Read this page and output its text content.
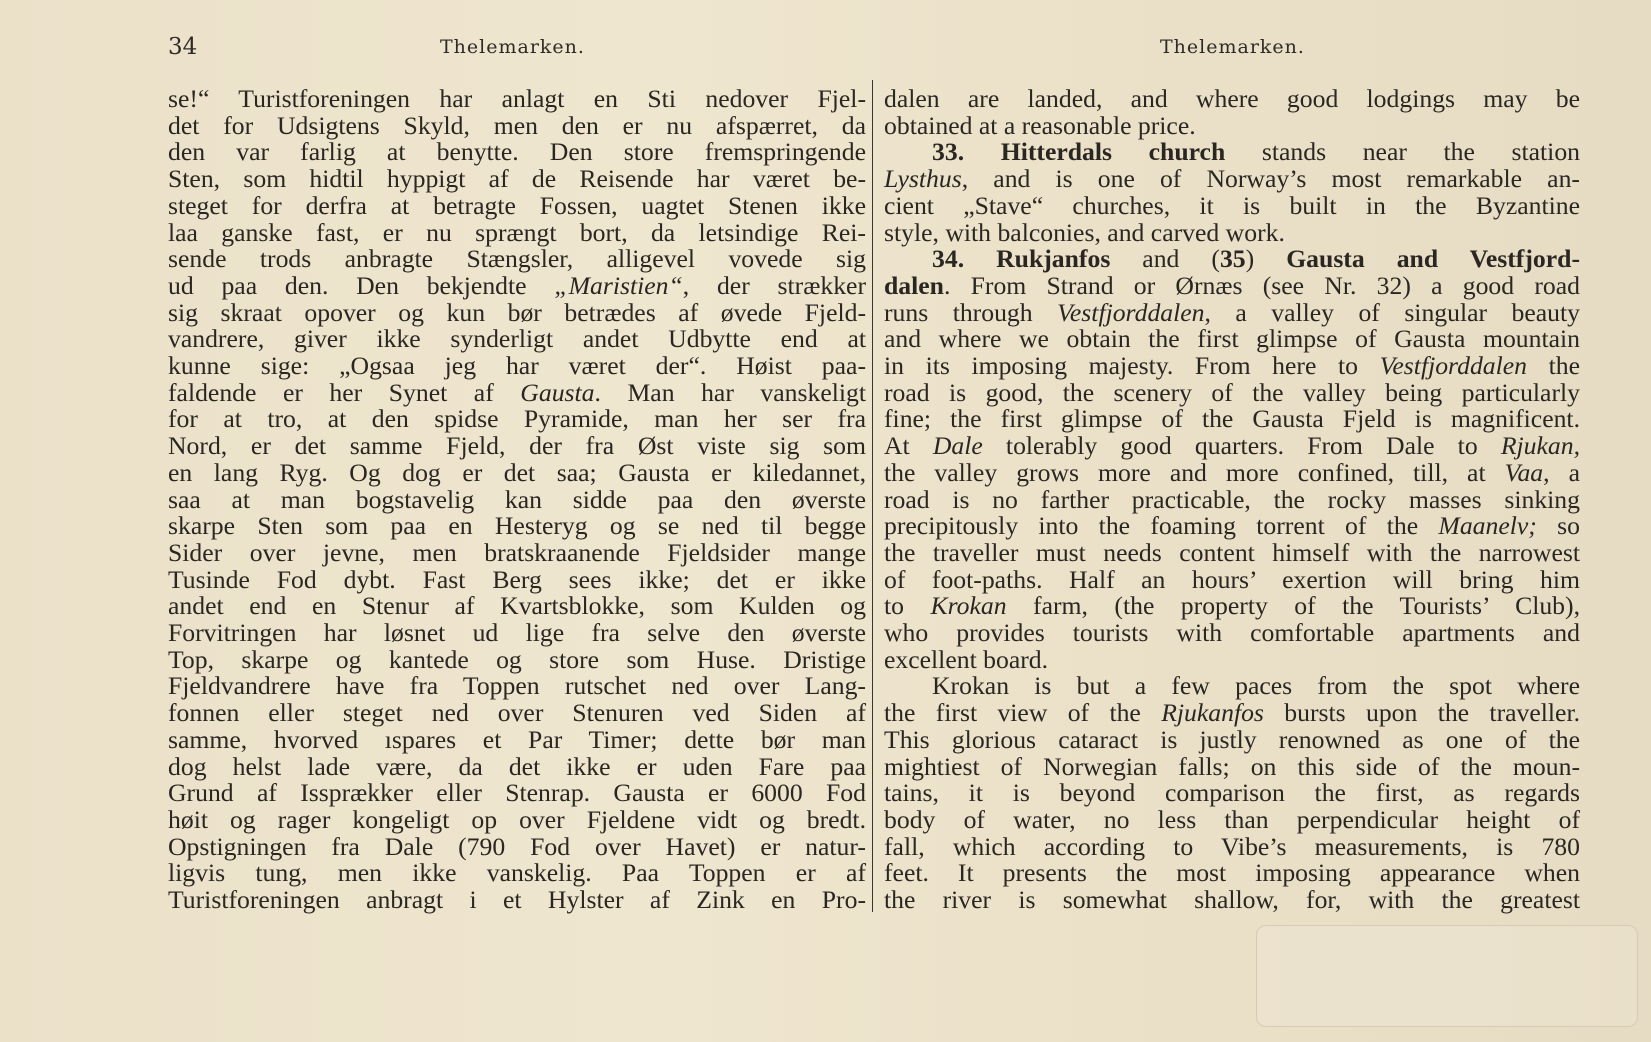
34	Thelemarken.	Thelemarken.
se!“ Turistforeningen har anlagt en Sti nedover Fjel-
det for Udsigtens Skyld, men den er nu afspærret, da
den var farlig at benytte. Den store fremspringende
Sten, som hidtil hyppigt af de Reisende har været be-
steget for derfra at betragte Fossen, uagtet Stenen ikke
laa ganske fast, er nu sprængt bort, da letsindige Rei-
sende trods anbragte Stængsler, alligevel vovede sig
ud paa den. Den bekjendte „Maristien“, der strækker
sig skraat opover og kun bør betrædes af øvede Fjeld-
vandrere, giver ikke synderligt andet Udbytte end at
kunne sige: „Ogsaa jeg har været der“. Høist paa-
faldende er her Synet af Gausta. Man har vanskeligt
for at tro, at den spidse Pyramide, man her ser fra
Nord, er det samme Fjeld, der fra Øst viste sig som
en lang Ryg. Og dog er det saa; Gausta er kiledannet,
saa at man bogstavelig kan sidde paa den øverste
skarpe Sten som paa en Hesteryg og se ned til begge
Sider over jevne, men bratskraanende Fjeldsider mange
Tusinde Fod dybt. Fast Berg sees ikke; det er ikke
andet end en Stenur af Kvartsblokke, som Kulden og
Forvitringen har løsnet ud lige fra selve den øverste
Top, skarpe og kantede og store som Huse. Dristige
Fjeldvandrere have fra Toppen rutschet ned over Lang-
fonnen eller steget ned over Stenuren ved Siden af
samme, hvorved ıspares et Par Timer; dette bør man
dog helst lade være, da det ikke er uden Fare paa
Grund af Issprækker eller Stenrap. Gausta er 6000 Fod
høit og rager kongeligt op over Fjeldene vidt og bredt.
Opstigningen fra Dale (790 Fod over Havet) er natur-
ligvis tung, men ikke vanskelig. Paa Toppen er af
Turistforeningen anbragt i et Hylster af Zink en Pro-
dalen are landed, and where good lodgings may be
obtained at a reasonable price.
33. Hitterdals church stands near the station
Lysthus, and is one of Norway’s most remarkable an-
cient „Stave“ churches, it is built in the Byzantine
style, with balconies, and carved work.
34. Rukjanfos and (35) Gausta and Vestfjord-
dalen. From Strand or Ørnæs (see Nr. 32) a good road
runs through Vestfjorddalen, a valley of singular beauty
and where we obtain the first glimpse of Gausta mountain
in its imposing majesty. From here to Vestfjorddalen the
road is good, the scenery of the valley being particularly
fine; the first glimpse of the Gausta Fjeld is magnificent.
At Dale tolerably good quarters. From Dale to Rjukan,
the valley grows more and more confined, till, at Vaa, a
road is no farther practicable, the rocky masses sinking
precipitously into the foaming torrent of the Maanelv; so
the traveller must needs content himself with the narrowest
of foot-paths. Half an hours’ exertion will bring him
to Krokan farm, (the property of the Tourists’ Club),
who provides tourists with comfortable apartments and
excellent board.
Krokan is but a few paces from the spot where
the first view of the Rjukanfos bursts upon the traveller.
This glorious cataract is justly renowned as one of the
mightiest of Norwegian falls; on this side of the moun-
tains, it is beyond comparison the first, as regards
body of water, no less than perpendicular height of
fall, which according to Vibe’s measurements, is 780
feet. It presents the most imposing appearance when
the river is somewhat shallow, for, with the greatest
